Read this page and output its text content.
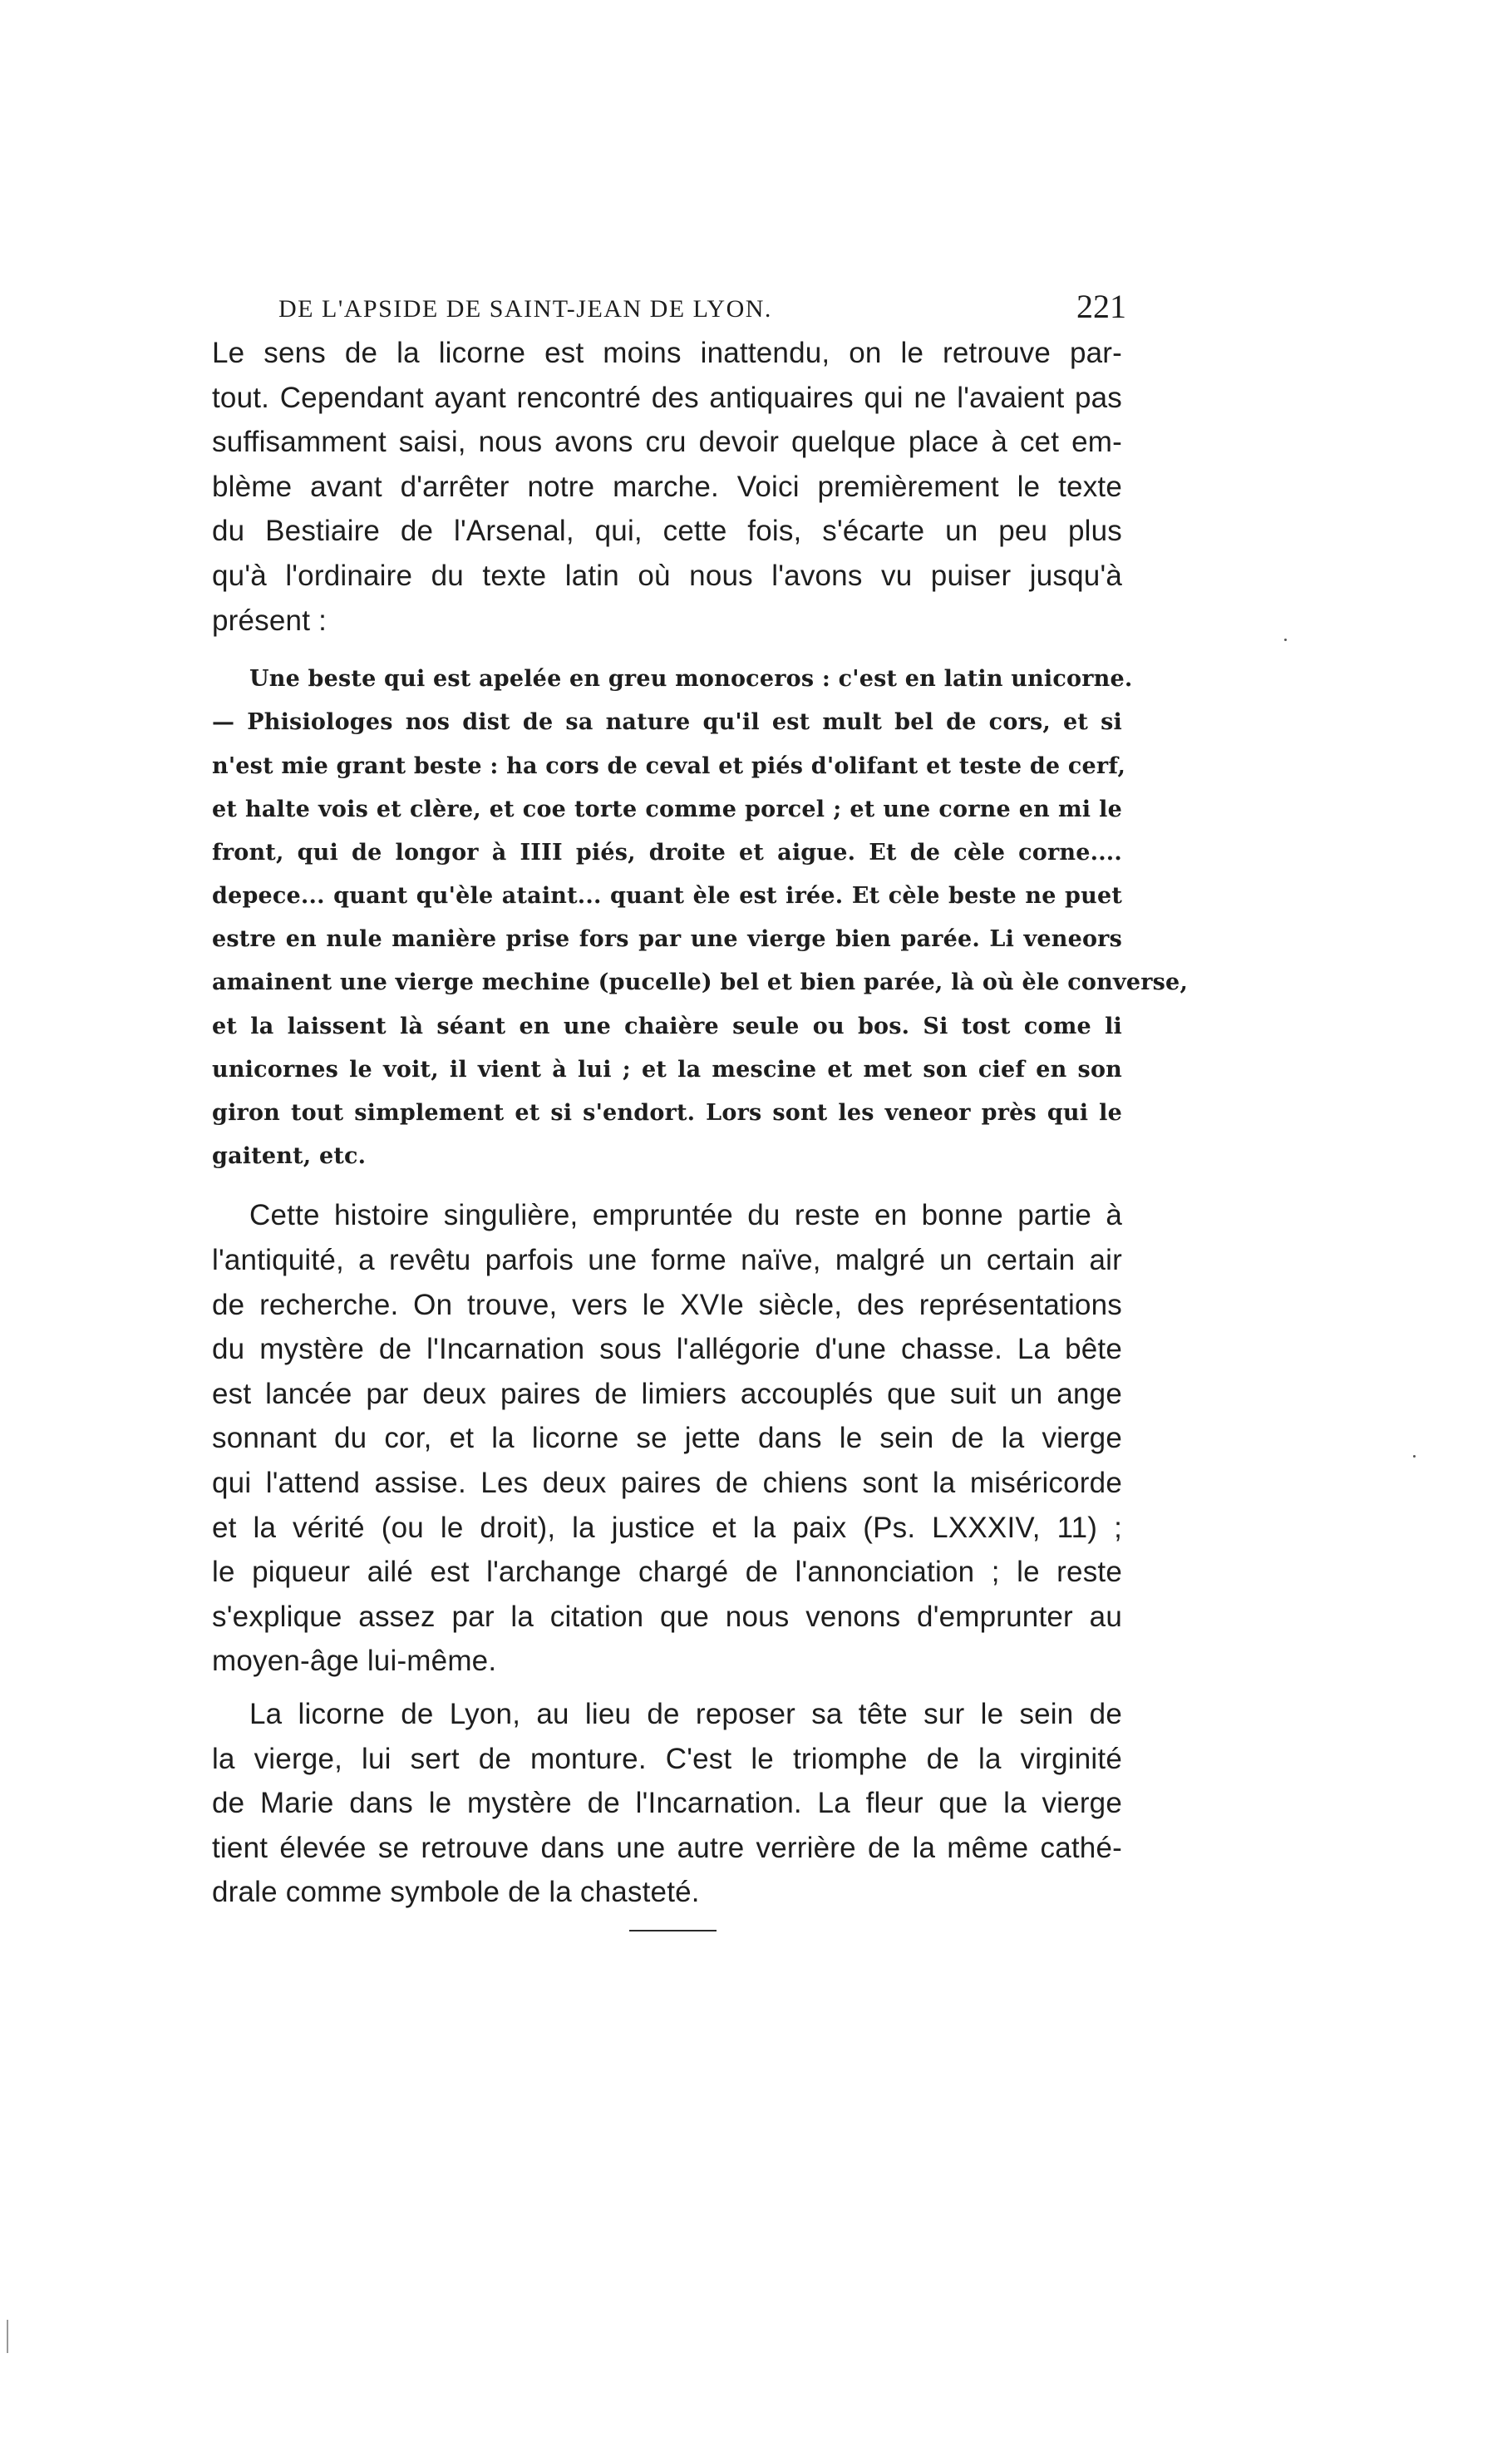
DE L'APSIDE DE SAINT-JEAN DE LYON.	221
Le sens de la licorne est moins inattendu, on le retrouve par-
tout. Cependant ayant rencontré des antiquaires qui ne l'avaient pas
suffisamment saisi, nous avons cru devoir quelque place à cet em-
blème avant d'arrêter notre marche. Voici premièrement le texte
du Bestiaire de l'Arsenal, qui, cette fois, s'écarte un peu plus
qu'à l'ordinaire du texte latin où nous l'avons vu puiser jusqu'à
présent :
Une beste qui est apelée en greu monoceros : c'est en latin unicorne.
— Phisiologes nos dist de sa nature qu'il est mult bel de cors, et si
n'est mie grant beste : ha cors de ceval et piés d'olifant et teste de cerf,
et halte vois et clère, et coe torte comme porcel ; et une corne en mi le
front, qui de longor à IIII piés, droite et aigue. Et de cèle corne....
depece... quant qu'èle ataint... quant èle est irée. Et cèle beste ne puet
estre en nule manière prise fors par une vierge bien parée. Li veneors
amainent une vierge mechine (pucelle) bel et bien parée, là où èle converse,
et la laissent là séant en une chaière seule ou bos. Si tost come li
unicornes le voit, il vient à lui ; et la mescine et met son cief en son
giron tout simplement et si s'endort. Lors sont les veneor près qui le
gaitent, etc.
Cette histoire singulière, empruntée du reste en bonne partie à
l'antiquité, a revêtu parfois une forme naïve, malgré un certain air
de recherche. On trouve, vers le XVIe siècle, des représentations
du mystère de l'Incarnation sous l'allégorie d'une chasse. La bête
est lancée par deux paires de limiers accouplés que suit un ange
sonnant du cor, et la licorne se jette dans le sein de la vierge
qui l'attend assise. Les deux paires de chiens sont la miséricorde
et la vérité (ou le droit), la justice et la paix (Ps. LXXXIV, 11) ;
le piqueur ailé est l'archange chargé de l'annonciation ; le reste
s'explique assez par la citation que nous venons d'emprunter au
moyen-âge lui-même.
La licorne de Lyon, au lieu de reposer sa tête sur le sein de
la vierge, lui sert de monture. C'est le triomphe de la virginité
de Marie dans le mystère de l'Incarnation. La fleur que la vierge
tient élevée se retrouve dans une autre verrière de la même cathé-
drale comme symbole de la chasteté.
